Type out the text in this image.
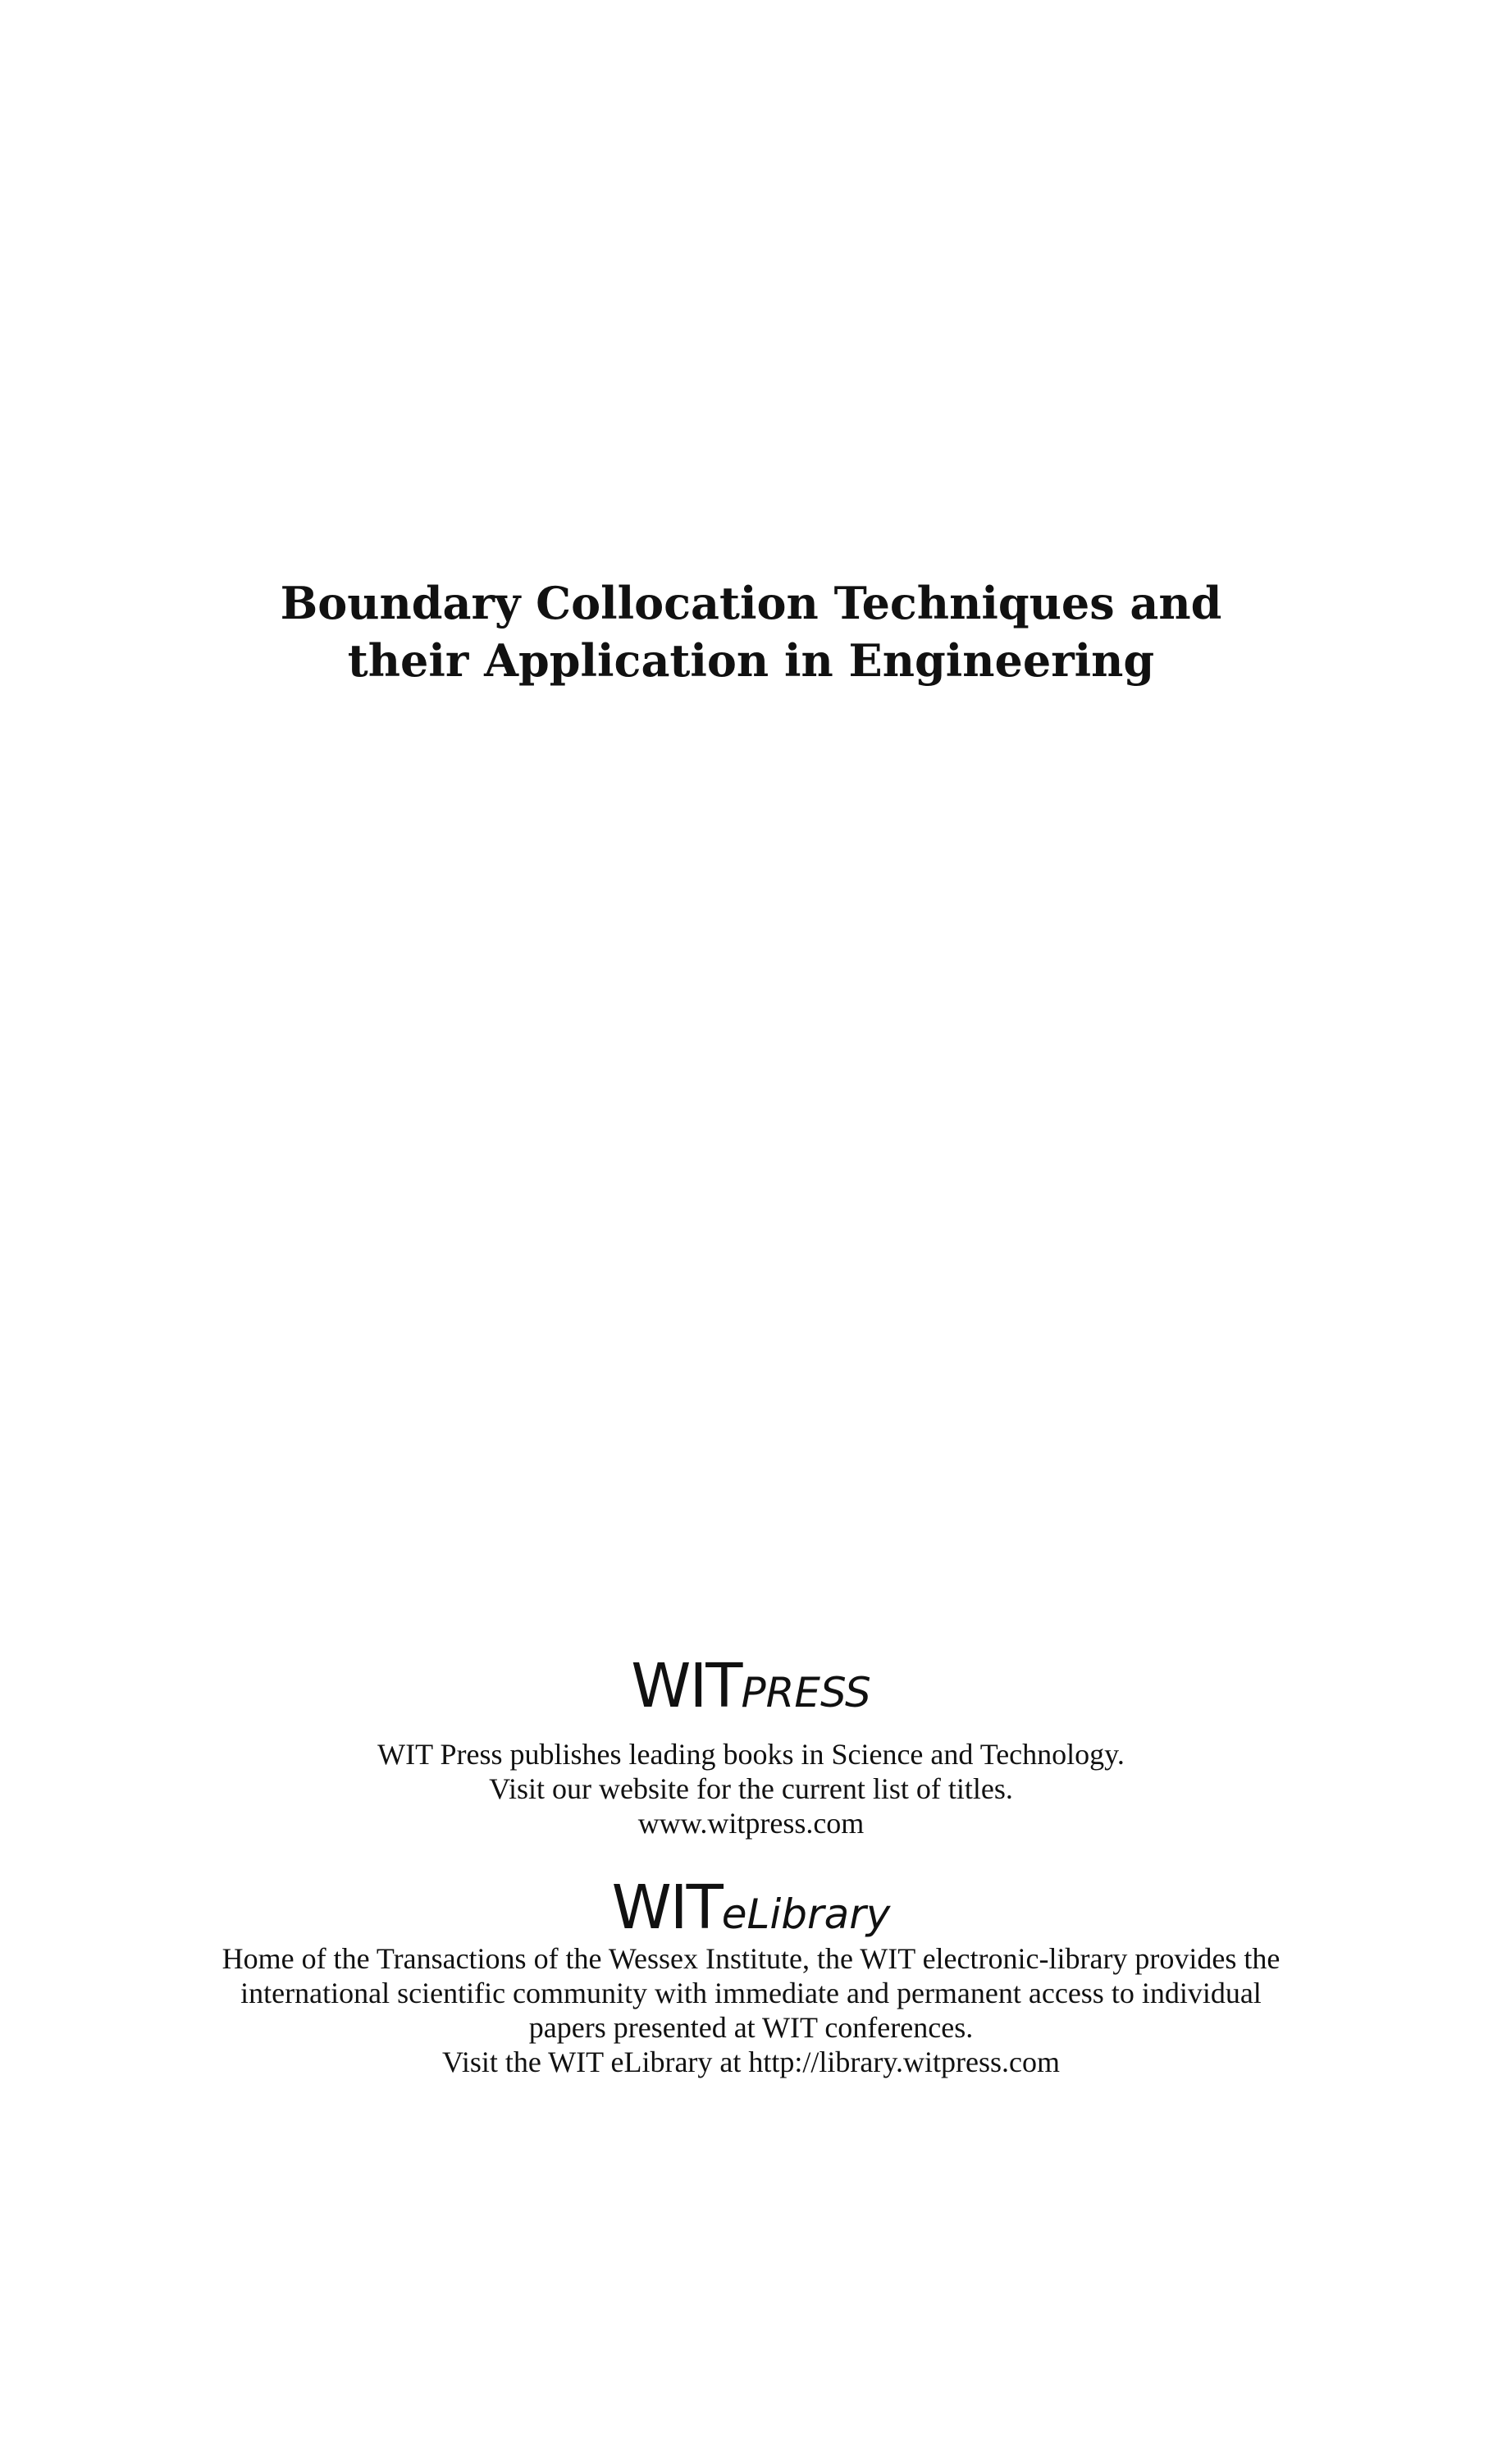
Boundary Collocation Techniques and
their Application in Engineering
WITPRESS
WIT Press publishes leading books in Science and Technology.
Visit our website for the current list of titles.
www.witpress.com
WITeLibrary
Home of the Transactions of the Wessex Institute, the WIT electronic-library provides the
international scientific community with immediate and permanent access to individual
papers presented at WIT conferences.
Visit the WIT eLibrary at http://library.witpress.com
